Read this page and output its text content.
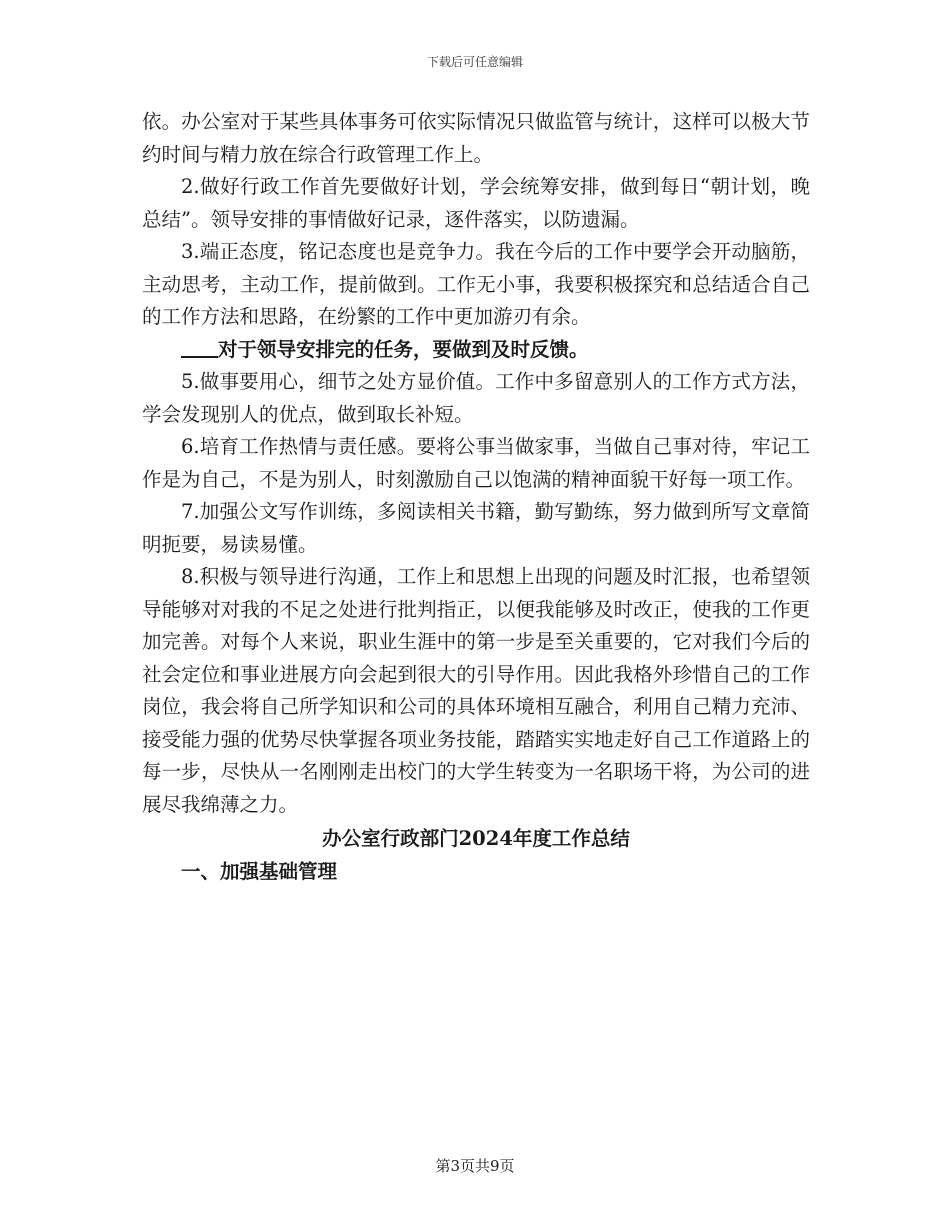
下载后可任意编辑

依。办公室对于某些具体事务可依实际情况只做监管与统计，这样可以极大节约时间与精力放在综合行政管理工作上。

2.做好行政工作首先要做好计划，学会统筹安排，做到每日“朝计划，晚总结”。领导安排的事情做好记录，逐件落实，以防遗漏。

3.端正态度，铭记态度也是竞争力。我在今后的工作中要学会开动脑筋，主动思考，主动工作，提前做到。工作无小事，我要积极探究和总结适合自己的工作方法和思路，在纷繁的工作中更加游刃有余。

对于领导安排完的任务，要做到及时反馈。

5.做事要用心，细节之处方显价值。工作中多留意别人的工作方式方法，学会发现别人的优点，做到取长补短。

6.培育工作热情与责任感。要将公事当做家事，当做自己事对待，牢记工作是为自己，不是为别人，时刻激励自己以饱满的精神面貌干好每一项工作。

7.加强公文写作训练，多阅读相关书籍，勤写勤练，努力做到所写文章简明扼要，易读易懂。

8.积极与领导进行沟通，工作上和思想上出现的问题及时汇报，也希望领导能够对对我的不足之处进行批判指正，以便我能够及时改正，使我的工作更加完善。对每个人来说，职业生涯中的第一步是至关重要的，它对我们今后的社会定位和事业进展方向会起到很大的引导作用。因此我格外珍惜自己的工作岗位，我会将自己所学知识和公司的具体环境相互融合，利用自己精力充沛、接受能力强的优势尽快掌握各项业务技能，踏踏实实地走好自己工作道路上的每一步，尽快从一名刚刚走出校门的大学生转变为一名职场干将，为公司的进展尽我绵薄之力。

办公室行政部门2024年度工作总结

一、加强基础管理

第3页共9页
